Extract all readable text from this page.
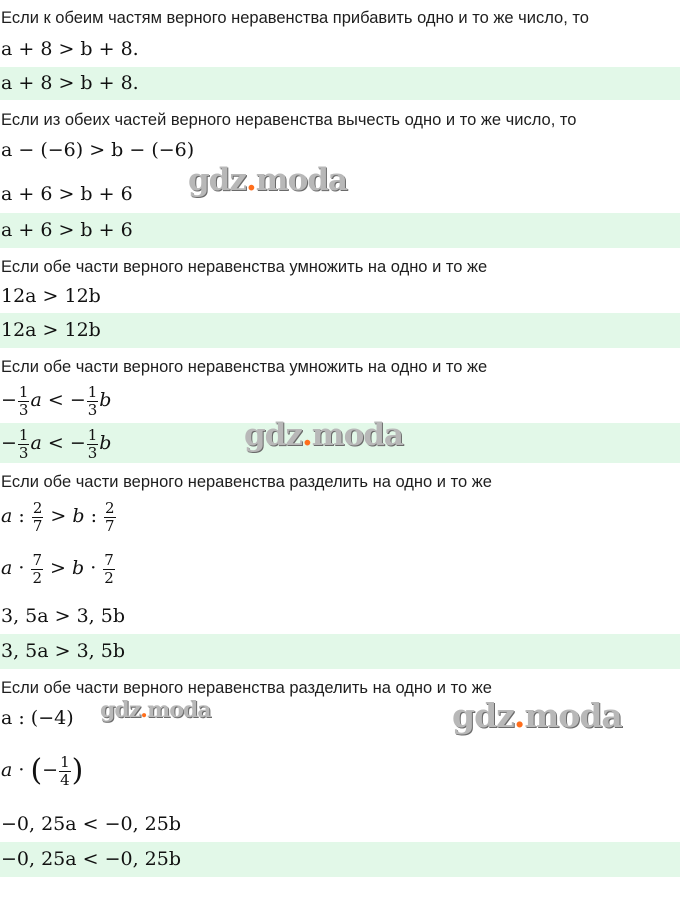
Если к обеим частям верного неравенства прибавить одно и то же число, то
a + 8 > b + 8.
a + 8 > b + 8.
Если из обеих частей верного неравенства вычесть одно и то же число, то
a − (−6) > b − (−6)
a + 6 > b + 6
a + 6 > b + 6
Если обе части верного неравенства умножить на одно и то же
12a > 12b
12a > 12b
Если обе части верного неравенства умножить на одно и то же
− $\frac{1}{3}$ a < − $\frac{1}{3}$ b
− $\frac{1}{3}$ a < − $\frac{1}{3}$ b
Если обе части верного неравенства разделить на одно и то же
a : $\frac{2}{7} > b$ : $\frac{2}{7}$
$a \cdot \frac{7}{2} > b \cdot \frac{7}{2}$
3, 5a > 3, 5b
3, 5a > 3, 5b
Если обе части верного неравенства разделить на одно и то же
a : (−4)
a · (− $\frac{1}{4}$ )
−0, 25a < −0, 25b
−0, 25a < −0, 25b
gdz.moda
gdz.moda
gdz.moda	gdz.moda
